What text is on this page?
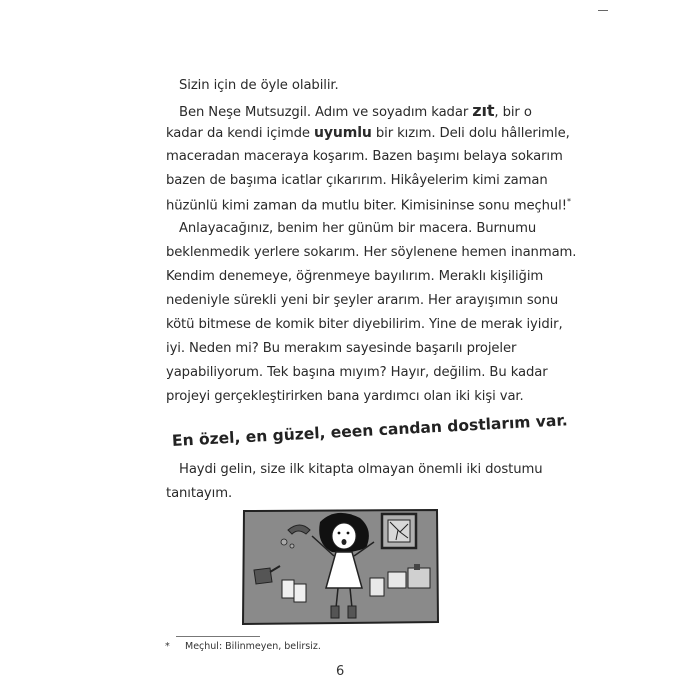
Sizin için de öyle olabilir.
Ben Neşe Mutsuzgil. Adım ve soyadım kadar zıt, bir o
kadar da kendi içimde uyumlu bir kızım. Deli dolu hâllerimle,
maceradan maceraya koşarım. Bazen başımı belaya sokarım
bazen de başıma icatlar çıkarırım. Hikâyelerim kimi zaman
hüzünlü kimi zaman da mutlu biter. Kimisininse sonu meçhul!*
Anlayacağınız, benim her günüm bir macera. Burnumu
beklenmedik yerlere sokarım. Her söylenene hemen inanmam.
Kendim denemeye, öğrenmeye bayılırım. Meraklı kişiliğim
nedeniyle sürekli yeni bir şeyler ararım. Her arayışımın sonu
kötü bitmese de komik biter diyebilirim. Yine de merak iyidir,
iyi. Neden mi? Bu merakım sayesinde başarılı projeler
yapabiliyorum. Tek başına mıyım? Hayır, değilim. Bu kadar
projeyi gerçekleştirirken bana yardımcı olan iki kişi var.
Haydi gelin, size ilk kitapta olmayan önemli iki dostumu
tanıtayım.
En özel, en güzel, eeen candan dostlarım var.
* Meçhul: Bilinmeyen, belirsiz.
6
